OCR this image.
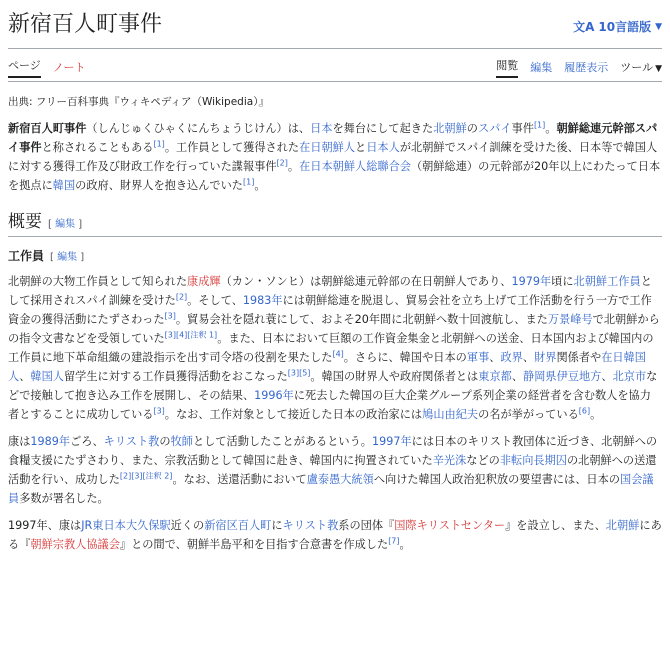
新宿百人町事件	文A 10言語版 ▼
ページ ノート	閲覧 編集 履歴表示 ツール ▼
出典: フリー百科事典『ウィキペディア（Wikipedia）』

新宿百人町事件（しんじゅくひゃくにんちょうじけん）は、日本を舞台にして起きた北朝鮮のスパイ事件[1]。朝鮮総連元幹部スパイ事件と称されることもある[1]。工作員として獲得された在日朝鮮人と日本人が北朝鮮でスパイ訓練を受けた後、日本等で韓国人に対する獲得工作及び財政工作を行っていた諜報事件[2]。在日本朝鮮人総聯合会（朝鮮総連）の元幹部が20年以上にわたって日本を拠点に韓国の政府、財界人を抱き込んでいた[1]。

概要 [ 編集 ]
工作員 [ 編集 ]

北朝鮮の大物工作員として知られた康成輝（カン・ソンヒ）は朝鮮総連元幹部の在日朝鮮人であり、1979年頃に北朝鮮工作員として採用されスパイ訓練を受けた[2]。そして、1983年には朝鮮総連を脱退し、貿易会社を立ち上げて工作活動を行う一方で工作資金の獲得活動にたずさわった[3]。貿易会社を隠れ蓑にして、およそ20年間に北朝鮮へ数十回渡航し、また万景峰号で北朝鮮からの指令文書などを受領していた[3][4][注釈 1]。また、日本において巨額の工作資金集金と北朝鮮への送金、日本国内および韓国内の工作員に地下革命組織の建設指示を出す司令塔の役割を果たした[4]。さらに、韓国や日本の軍事、政界、財界関係者や在日韓国人、韓国人留学生に対する工作員獲得活動をおこなった[3][5]。韓国の財界人や政府関係者とは東京都、静岡県伊豆地方、北京市などで接触して抱き込み工作を展開し、その結果、1996年に死去した韓国の巨大企業グループ系列企業の経営者を含む数人を協力者とすることに成功している[3]。なお、工作対象として接近した日本の政治家には鳩山由紀夫の名が挙がっている[6]。

康は1989年ごろ、キリスト教の牧師として活動したことがあるという。1997年には日本のキリスト教団体に近づき、北朝鮮への食糧支援にたずさわり、また、宗教活動として韓国に赴き、韓国内に拘置されていた辛光洙などの非転向長期囚の北朝鮮への送還活動を行い、成功した[2][3][注釈 2]。なお、送還活動において盧泰愚大統領へ向けた韓国人政治犯釈放の要望書には、日本の国会議員多数が署名した。

1997年、康はJR東日本大久保駅近くの新宿区百人町にキリスト教系の団体『国際キリストセンター』を設立し、また、北朝鮮にある『朝鮮宗教人協議会』との間で、朝鮮半島平和を目指す合意書を作成した[7]。
